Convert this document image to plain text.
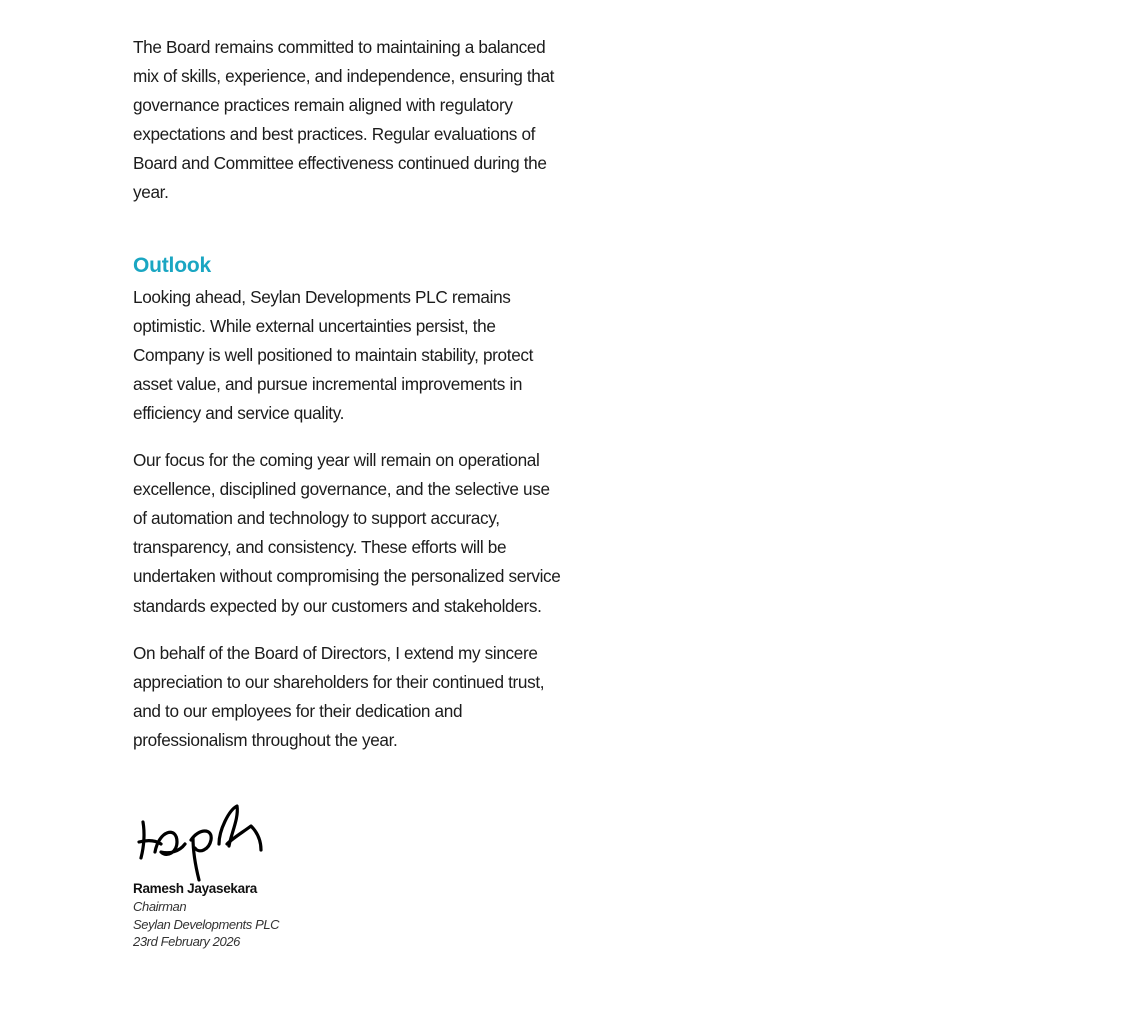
The Board remains committed to maintaining a balanced mix of skills, experience, and independence, ensuring that governance practices remain aligned with regulatory expectations and best practices. Regular evaluations of Board and Committee effectiveness continued during the year.

Outlook

Looking ahead, Seylan Developments PLC remains optimistic. While external uncertainties persist, the Company is well positioned to maintain stability, protect asset value, and pursue incremental improvements in efficiency and service quality.

Our focus for the coming year will remain on operational excellence, disciplined governance, and the selective use of automation and technology to support accuracy, transparency, and consistency. These efforts will be undertaken without compromising the personalized service standards expected by our customers and stakeholders.

On behalf of the Board of Directors, I extend my sincere appreciation to our shareholders for their continued trust, and to our employees for their dedication and professionalism throughout the year.

Ramesh Jayasekara
Chairman
Seylan Developments PLC
23rd February 2026
